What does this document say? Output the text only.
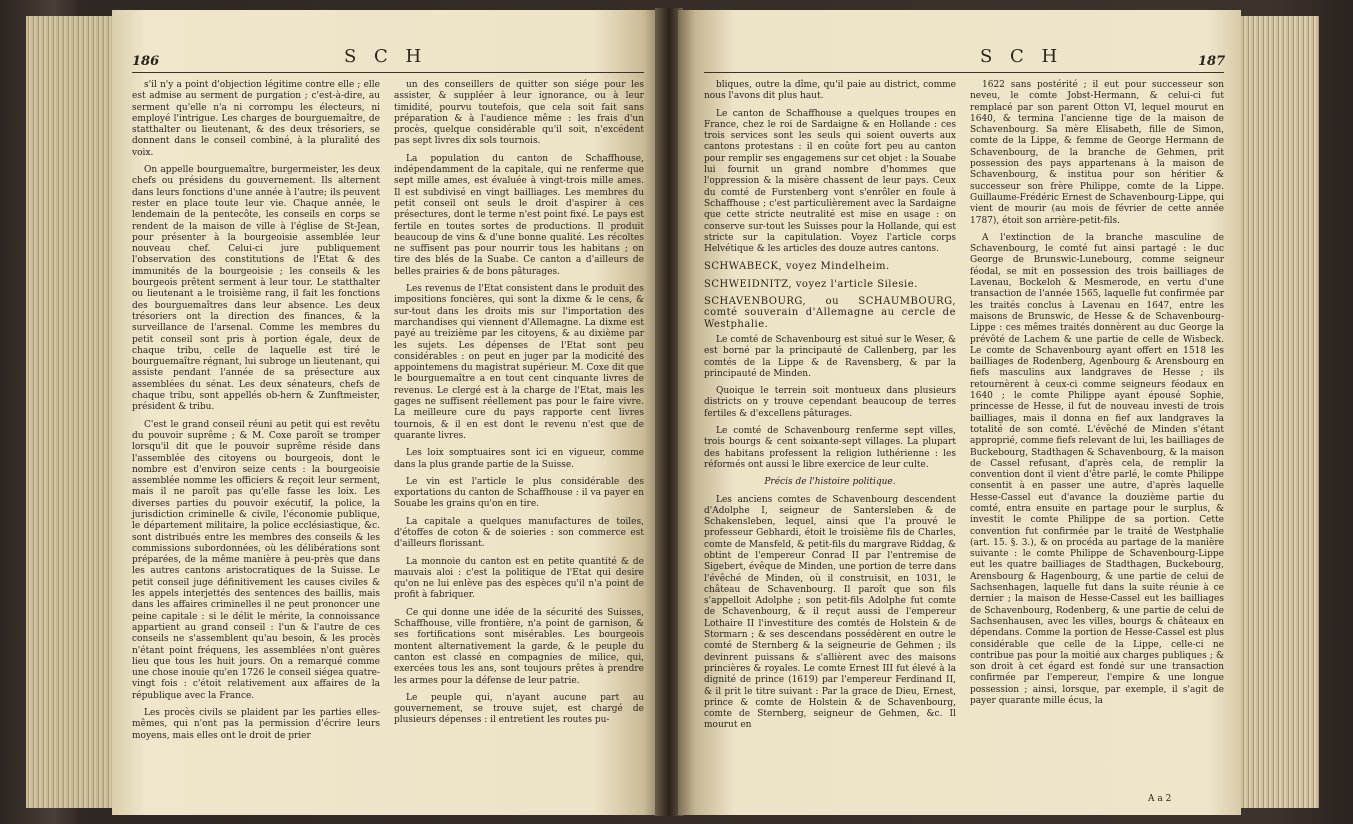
186	S C H

s'il n'y a point d'objection légitime contre elle ; elle est admise au serment de purgation ; c'est-à-dire, au serment qu'elle n'a ni corrompu les électeurs, ni employé l'intrigue. Les charges de bourguemaître, de statthalter ou lieutenant, & des deux trésoriers, se donnent dans le conseil combiné, à la pluralité des voix.

On appelle bourguemaître, burgermeister, les deux chefs ou présidens du gouvernement. Ils alternent dans leurs fonctions d'une année à l'autre; ils peuvent rester en place toute leur vie. Chaque année, le lendemain de la pentecôte, les conseils en corps se rendent de la maison de ville à l'église de St-Jean, pour présenter à la bourgeoisie assemblée leur nouveau chef. Celui-ci jure publiquement l'observation des constitutions de l'Etat & des immunités de la bourgeoisie ; les conseils & les bourgeois prêtent serment à leur tour. Le statthalter ou lieutenant a le troisième rang, il fait les fonctions des bourguemaîtres dans leur absence. Les deux trésoriers ont la direction des finances, & la surveillance de l'arsenal. Comme les membres du petit conseil sont pris à portion égale, deux de chaque tribu, celle de laquelle est tiré le bourguemaître régnant, lui subroge un lieutenant, qui assiste pendant l'année de sa présecture aux assemblées du sénat. Les deux sénateurs, chefs de chaque tribu, sont appellés ob-hern & Zunftmeister, président & tribu.

C'est le grand conseil réuni au petit qui est revêtu du pouvoir suprême ; & M. Coxe paroît se tromper lorsqu'il dit que le pouvoir suprême réside dans l'assemblée des citoyens ou bourgeois, dont le nombre est d'environ seize cents : la bourgeoisie assemblée nomme les officiers & reçoit leur serment, mais il ne paroît pas qu'elle fasse les loix. Les diverses parties du pouvoir exécutif, la police, la jurisdiction criminelle & civile, l'économie publique, le département militaire, la police ecclésiastique, &c. sont distribués entre les membres des conseils & les commissions subordonnées, où les délibérations sont préparées, de la même manière à peu-près que dans les autres cantons aristocratiques de la Suisse. Le petit conseil juge définitivement les causes civiles & les appels interjettés des sentences des baillis, mais dans les affaires criminelles il ne peut prononcer une peine capitale : si le délit le mérite, la connoissance appartient au grand conseil : l'un & l'autre de ces conseils ne s'assemblent qu'au besoin, & les procès n'étant point fréquens, les assemblées n'ont guères lieu que tous les huit jours. On a remarqué comme une chose inouie qu'en 1726 le conseil siégea quatre-vingt fois : c'étoit relativement aux affaires de la république avec la France.

Les procès civils se plaident par les parties elles-mêmes, qui n'ont pas la permission d'écrire leurs moyens, mais elles ont le droit de prier

un des conseillers de quitter son siége pour les assister, & suppléer à leur ignorance, ou à leur timidité, pourvu toutefois, que cela soit fait sans préparation & à l'audience même : les frais d'un procès, quelque considérable qu'il soit, n'excédent pas sept livres dix sols tournois.

La population du canton de Schaffhouse, indépendamment de la capitale, qui ne renferme que sept mille ames, est évaluée à vingt-trois mille ames. Il est subdivisé en vingt bailliages. Les membres du petit conseil ont seuls le droit d'aspirer à ces présectures, dont le terme n'est point fixé. Le pays est fertile en toutes sortes de productions. Il produit beaucoup de vins & d'une bonne qualité. Les récoltes ne suffisent pas pour nourrir tous les habitans ; on tire des blés de la Suabe. Ce canton a d'ailleurs de belles prairies & de bons pâturages.

Les revenus de l'Etat consistent dans le produit des impositions foncières, qui sont la dixme & le cens, & sur-tout dans les droits mis sur l'importation des marchandises qui viennent d'Allemagne. La dixme est payé au treizième par les citoyens, & au dixième par les sujets. Les dépenses de l'Etat sont peu considérables : on peut en juger par la modicité des appointemens du magistrat supérieur. M. Coxe dit que le bourguemaître a en tout cent cinquante livres de revenus. Le clergé est à la charge de l'Etat, mais les gages ne suffisent réellement pas pour le faire vivre. La meilleure cure du pays rapporte cent livres tournois, & il en est dont le revenu n'est que de quarante livres.

Les loix somptuaires sont ici en vigueur, comme dans la plus grande partie de la Suisse.

Le vin est l'article le plus considérable des exportations du canton de Schaffhouse : il va payer en Souabe les grains qu'on en tire.

La capitale a quelques manufactures de toiles, d'étoffes de coton & de soieries : son commerce est d'ailleurs florissant.

La monnoie du canton est en petite quantité & de mauvais aloi : c'est la politique de l'Etat qui desire qu'on ne lui enlève pas des espèces qu'il n'a point de profit à fabriquer.

Ce qui donne une idée de la sécurité des Suisses, Schaffhouse, ville frontière, n'a point de garnison, & ses fortifications sont misérables. Les bourgeois montent alternativement la garde, & le peuple du canton est classé en compagnies de milice, qui, exercées tous les ans, sont toujours prêtes à prendre les armes pour la défense de leur patrie.

Le peuple qui, n'ayant aucune part au gouvernement, se trouve sujet, est chargé de plusieurs dépenses : il entretient les routes pu-

S C H	187

bliques, outre la dîme, qu'il paie au district, comme nous l'avons dit plus haut.

Le canton de Schaffhouse a quelques troupes en France, chez le roi de Sardaigne & en Hollande : ces trois services sont les seuls qui soient ouverts aux cantons protestans : il en coûte fort peu au canton pour remplir ses engagemens sur cet objet : la Souabe lui fournit un grand nombre d'hommes que l'oppression & la misère chassent de leur pays. Ceux du comté de Furstenberg vont s'enrôler en foule à Schaffhouse ; c'est particulièrement avec la Sardaigne que cette stricte neutralité est mise en usage : on conserve sur-tout les Suisses pour la Hollande, qui est stricte sur la capitulation. Voyez l'article corps Helvétique & les articles des douze autres cantons.

SCHWABECK, voyez Mindelheim.

SCHWEIDNITZ, voyez l'article Silesie.

SCHAVENBOURG, ou SCHAUMBOURG, comté souverain d'Allemagne au cercle de Westphalie.

Le comté de Schavenbourg est situé sur le Weser, & est borné par la principauté de Callenberg, par les comtés de la Lippe & de Ravensberg, & par la principauté de Minden.

Quoique le terrein soit montueux dans plusieurs districts on y trouve cependant beaucoup de terres fertiles & d'excellens pâturages.

Le comté de Schavenbourg renferme sept villes, trois bourgs & cent soixante-sept villages. La plupart des habitans professent la religion luthérienne : les réformés ont aussi le libre exercice de leur culte.

Précis de l'histoire politique.

Les anciens comtes de Schavenbourg descendent d'Adolphe I, seigneur de Santersleben & de Schakensleben, lequel, ainsi que l'a prouvé le professeur Gebhardi, étoit le troisième fils de Charles, comte de Mansfeld, & petit-fils du margrave Riddag, & obtint de l'empereur Conrad II par l'entremise de Sigebert, évêque de Minden, une portion de terre dans l'évêché de Minden, où il construisit, en 1031, le château de Schavenbourg. Il paroît que son fils s'appelloit Adolphe ; son petit-fils Adolphe fut comte de Schavenbourg, & il reçut aussi de l'empereur Lothaire II l'investiture des comtés de Holstein & de Stormarn ; & ses descendans possédèrent en outre le comté de Sternberg & la seigneurie de Gehmen ; ils devinrent puissans & s'allièrent avec des maisons princières & royales. Le comte Ernest III fut élevé à la dignité de prince (1619) par l'empereur Ferdinand II, & il prit le titre suivant : Par la grace de Dieu, Ernest, prince & comte de Holstein & de Schavenbourg, comte de Sternberg, seigneur de Gehmen, &c. Il mourut en

1622 sans postérité ; il eut pour successeur son neveu, le comte Jobst-Hermann, & celui-ci fut remplacé par son parent Otton VI, lequel mourut en 1640, & termina l'ancienne tige de la maison de Schavenbourg. Sa mère Elisabeth, fille de Simon, comte de la Lippe, & femme de George Hermann de Schavenbourg, de la branche de Gehmen, prit possession des pays appartenans à la maison de Schavenbourg, & institua pour son héritier & successeur son frère Philippe, comte de la Lippe. Guillaume-Frédéric Ernest de Schavenbourg-Lippe, qui vient de mourir (au mois de février de cette année 1787), étoit son arrière-petit-fils.

A l'extinction de la branche masculine de Schavenbourg, le comté fut ainsi partagé : le duc George de Brunswic-Lunebourg, comme seigneur féodal, se mit en possession des trois bailliages de Lavenau, Bockeloh & Mesmerode, en vertu d'une transaction de l'année 1565, laquelle fut confirmée par les traités conclus à Lavenau en 1647, entre les maisons de Brunswic, de Hesse & de Schavenbourg-Lippe : ces mêmes traités donnèrent au duc George la prévôté de Lachem & une partie de celle de Wisbeck. Le comte de Schavenbourg ayant offert en 1518 les bailliages de Rodenberg, Agenbourg & Arensbourg en fiefs masculins aux landgraves de Hesse ; ils retournèrent à ceux-ci comme seigneurs féodaux en 1640 ; le comte Philippe ayant épousé Sophie, princesse de Hesse, il fut de nouveau investi de trois bailliages, mais il donna en fief aux landgraves la totalité de son comté. L'évêché de Minden s'étant approprié, comme fiefs relevant de lui, les bailliages de Buckebourg, Stadthagen & Schavenbourg, & la maison de Cassel refusant, d'après cela, de remplir la convention dont il vient d'être parlé, le comte Philippe consentit à en passer une autre, d'après laquelle Hesse-Cassel eut d'avance la douzième partie du comté, entra ensuite en partage pour le surplus, & investit le comte Philippe de sa portion. Cette convention fut confirmée par le traité de Westphalie (art. 15. §. 3.), & on procéda au partage de la manière suivante : le comte Philippe de Schavenbourg-Lippe eut les quatre bailliages de Stadthagen, Buckebourg, Arensbourg & Hagenbourg, & une partie de celui de Sachsenhagen, laquelle fut dans la suite réunie à ce dernier ; la maison de Hesse-Cassel eut les bailliages de Schavenbourg, Rodenberg, & une partie de celui de Sachsenhausen, avec les villes, bourgs & châteaux en dépendans. Comme la portion de Hesse-Cassel est plus considérable que celle de la Lippe, celle-ci ne contribue pas pour la moitié aux charges publiques ; & son droit à cet égard est fondé sur une transaction confirmée par l'empereur, l'empire & une longue possession ; ainsi, lorsque, par exemple, il s'agit de payer quarante mille écus, la

A a 2
